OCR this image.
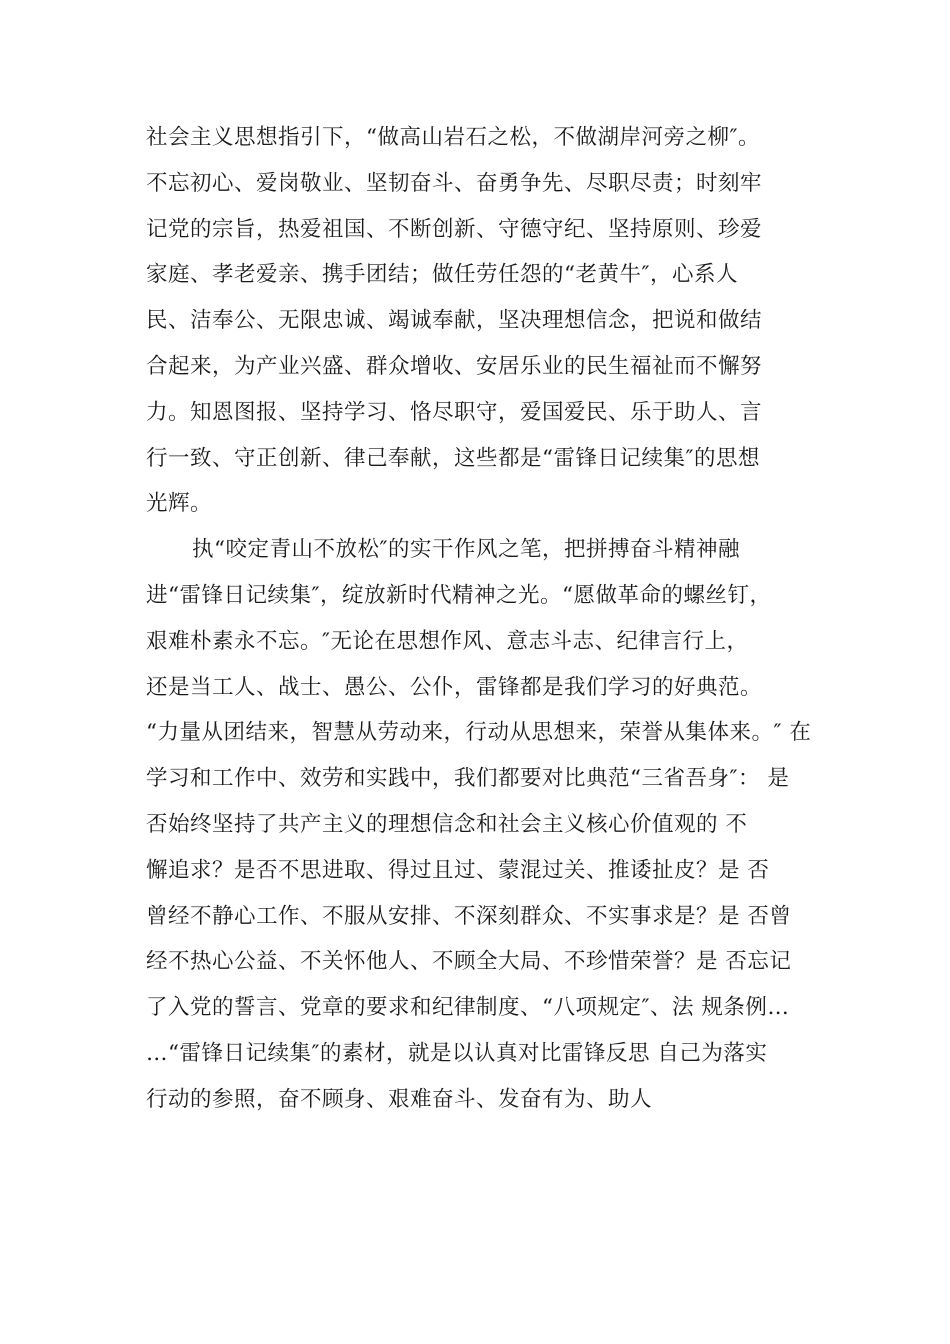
社会主义思想指引下，“做高山岩石之松，不做湖岸河旁之柳″。
不忘初心、爱岗敬业、坚韧奋斗、奋勇争先、尽职尽责；时刻牢
记党的宗旨，热爱祖国、不断创新、守德守纪、坚持原则、珍爱
家庭、孝老爱亲、携手团结；做任劳任怨的“老黄牛″，心系人
民、洁奉公、无限忠诚、竭诚奉献，坚决理想信念，把说和做结
合起来，为产业兴盛、群众增收、安居乐业的民生福祉而不懈努
力。知恩图报、坚持学习、恪尽职守，爱国爱民、乐于助人、言
行一致、守正创新、律己奉献，这些都是“雷锋日记续集″的思想
光辉。
执“咬定青山不放松″的实干作风之笔，把拼搏奋斗精神融
进“雷锋日记续集″，绽放新时代精神之光。“愿做革命的螺丝钉，
艰难朴素永不忘。″无论在思想作风、意志斗志、纪律言行上，
还是当工人、战士、愚公、公仆，雷锋都是我们学习的好典范。
“力量从团结来，智慧从劳动来，行动从思想来，荣誉从集体来。″ 在
学习和工作中、效劳和实践中，我们都要对比典范“三省吾身″： 是
否始终坚持了共产主义的理想信念和社会主义核心价值观的 不
懈追求？是否不思进取、得过且过、蒙混过关、推诿扯皮？是 否
曾经不静心工作、不服从安排、不深刻群众、不实事求是？是 否曾
经不热心公益、不关怀他人、不顾全大局、不珍惜荣誉？是 否忘记
了入党的誓言、党章的要求和纪律制度、“八项规定″、法 规条例…
…“雷锋日记续集″的素材，就是以认真对比雷锋反思 自己为落实
行动的参照，奋不顾身、艰难奋斗、发奋有为、助人
